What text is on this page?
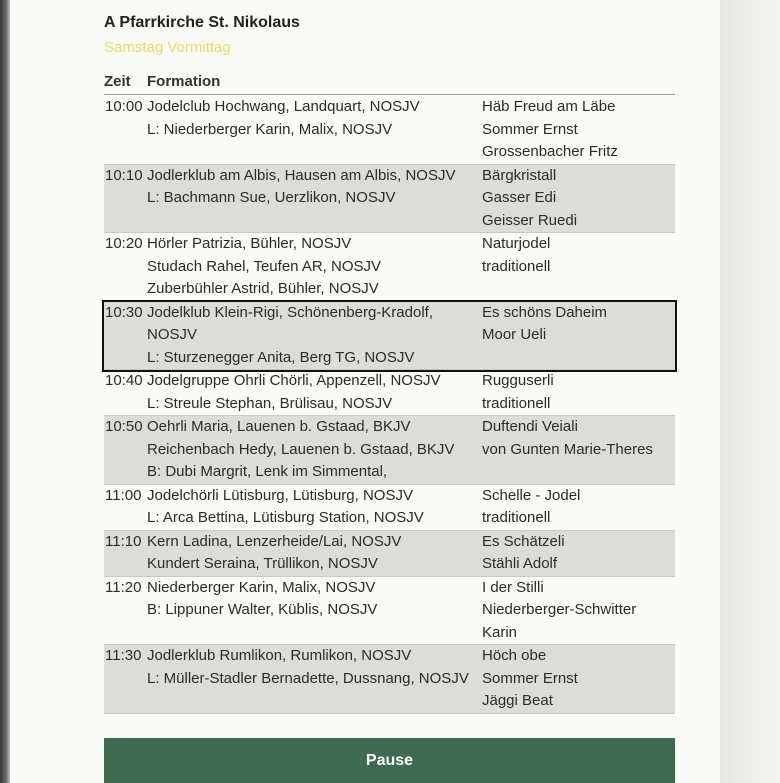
A Pfarrkirche St. Nikolaus
Samstag Vormittag
Zeit Formation
10:00 Jodelclub Hochwang, Landquart, NOSJV
L: Niederberger Karin, Malix, NOSJV

Häb Freud am Läbe
Sommer Ernst
Grossenbacher Fritz
10:10 Jodlerklub am Albis, Hausen am Albis, NOSJV
L: Bachmann Sue, Uerzlikon, NOSJV

Bärgkristall
Gasser Edi
Geisser Ruedi
10:20 Hörler Patrizia, Bühler, NOSJV
Studach Rahel, Teufen AR, NOSJV
Zuberbühler Astrid, Bühler, NOSJV
Naturjodel
traditionell

10:30 Jodelklub Klein-Rigi, Schönenberg-Kradolf,
NOSJV
L: Sturzenegger Anita, Berg TG, NOSJV
Es schöns Daheim
Moor Ueli

10:40 Jodelgruppe Ohrli Chörli, Appenzell, NOSJV
L: Streule Stephan, Brülisau, NOSJV
Rugguserli
traditionell
10:50 Oehrli Maria, Lauenen b. Gstaad, BKJV
Reichenbach Hedy, Lauenen b. Gstaad, BKJV
B: Dubi Margrit, Lenk im Simmental,
Duftendi Veiali
von Gunten Marie-Theres

11:00 Jodelchörli Lütisburg, Lütisburg, NOSJV
L: Arca Bettina, Lütisburg Station, NOSJV
Schelle - Jodel
traditionell
11:10 Kern Ladina, Lenzerheide/Lai, NOSJV
Kundert Seraina, Trüllikon, NOSJV
Es Schätzeli
Stähli Adolf
11:20 Niederberger Karin, Malix, NOSJV
B: Lippuner Walter, Küblis, NOSJV

I der Stilli
Niederberger-Schwitter
Karin
11:30 Jodlerklub Rumlikon, Rumlikon, NOSJV
L: Müller-Stadler Bernadette, Dussnang, NOSJV

Höch obe
Sommer Ernst
Jäggi Beat
Pause
